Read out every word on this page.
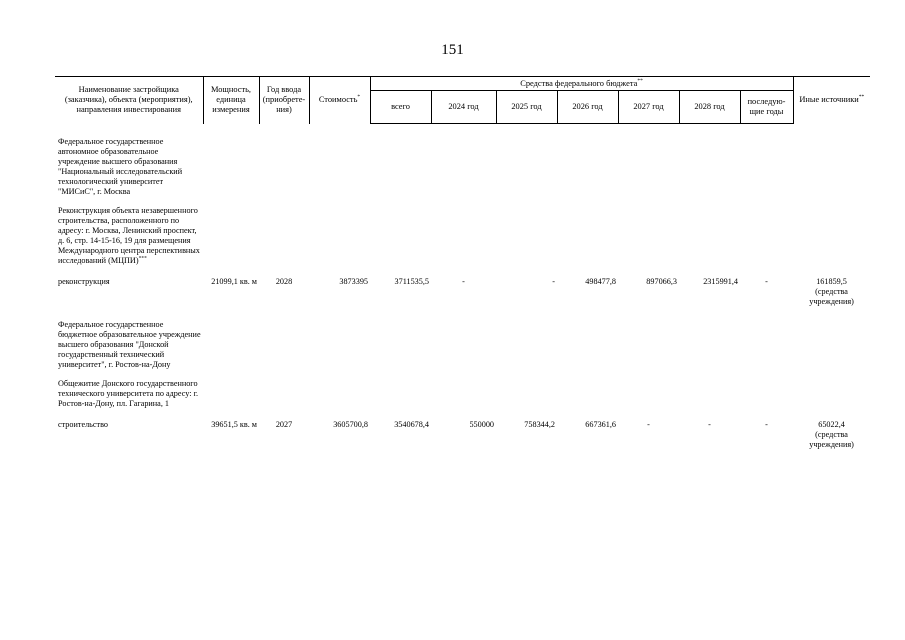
151
Наименование застройщика (заказчика), объекта (мероприятия), направления инвестирования	Мощность, единица измерения	Год ввода (приобрете-ния)	Стоимость*	Средства федерального бюджета**							Иные источники**
				всего	2024 год	2025 год	2026 год	2027 год	2028 год	последую-щие годы	
Федеральное государственное автономное образовательное учреждение высшего образования "Национальный исследовательский технологический университет "МИСиС", г. Москва											
Реконструкция объекта незавершенного строительства, расположенного по адресу: г. Москва, Ленинский проспект, д. 6, стр. 14-15-16, 19 для размещения Международного центра перспективных исследований (МЦПИ)***	
реконструкция	21099,1 кв. м	2028	3873395	3711535,5	-	-	498477,8	897066,3	2315991,4	-	161859,5
(средства учреждения)

Федеральное государственное бюджетное образовательное учреждение высшего образования "Донской государственный технический университет", г. Ростов-на-Дону											
Общежитие Донского государственного технического университета по адресу: г. Ростов-на-Дону, пл. Гагарина, 1											
строительство	39651,5 кв. м	2027	3605700,8	3540678,4	550000	758344,2	667361,6	-	-	-	65022,4
(средства учреждения)
